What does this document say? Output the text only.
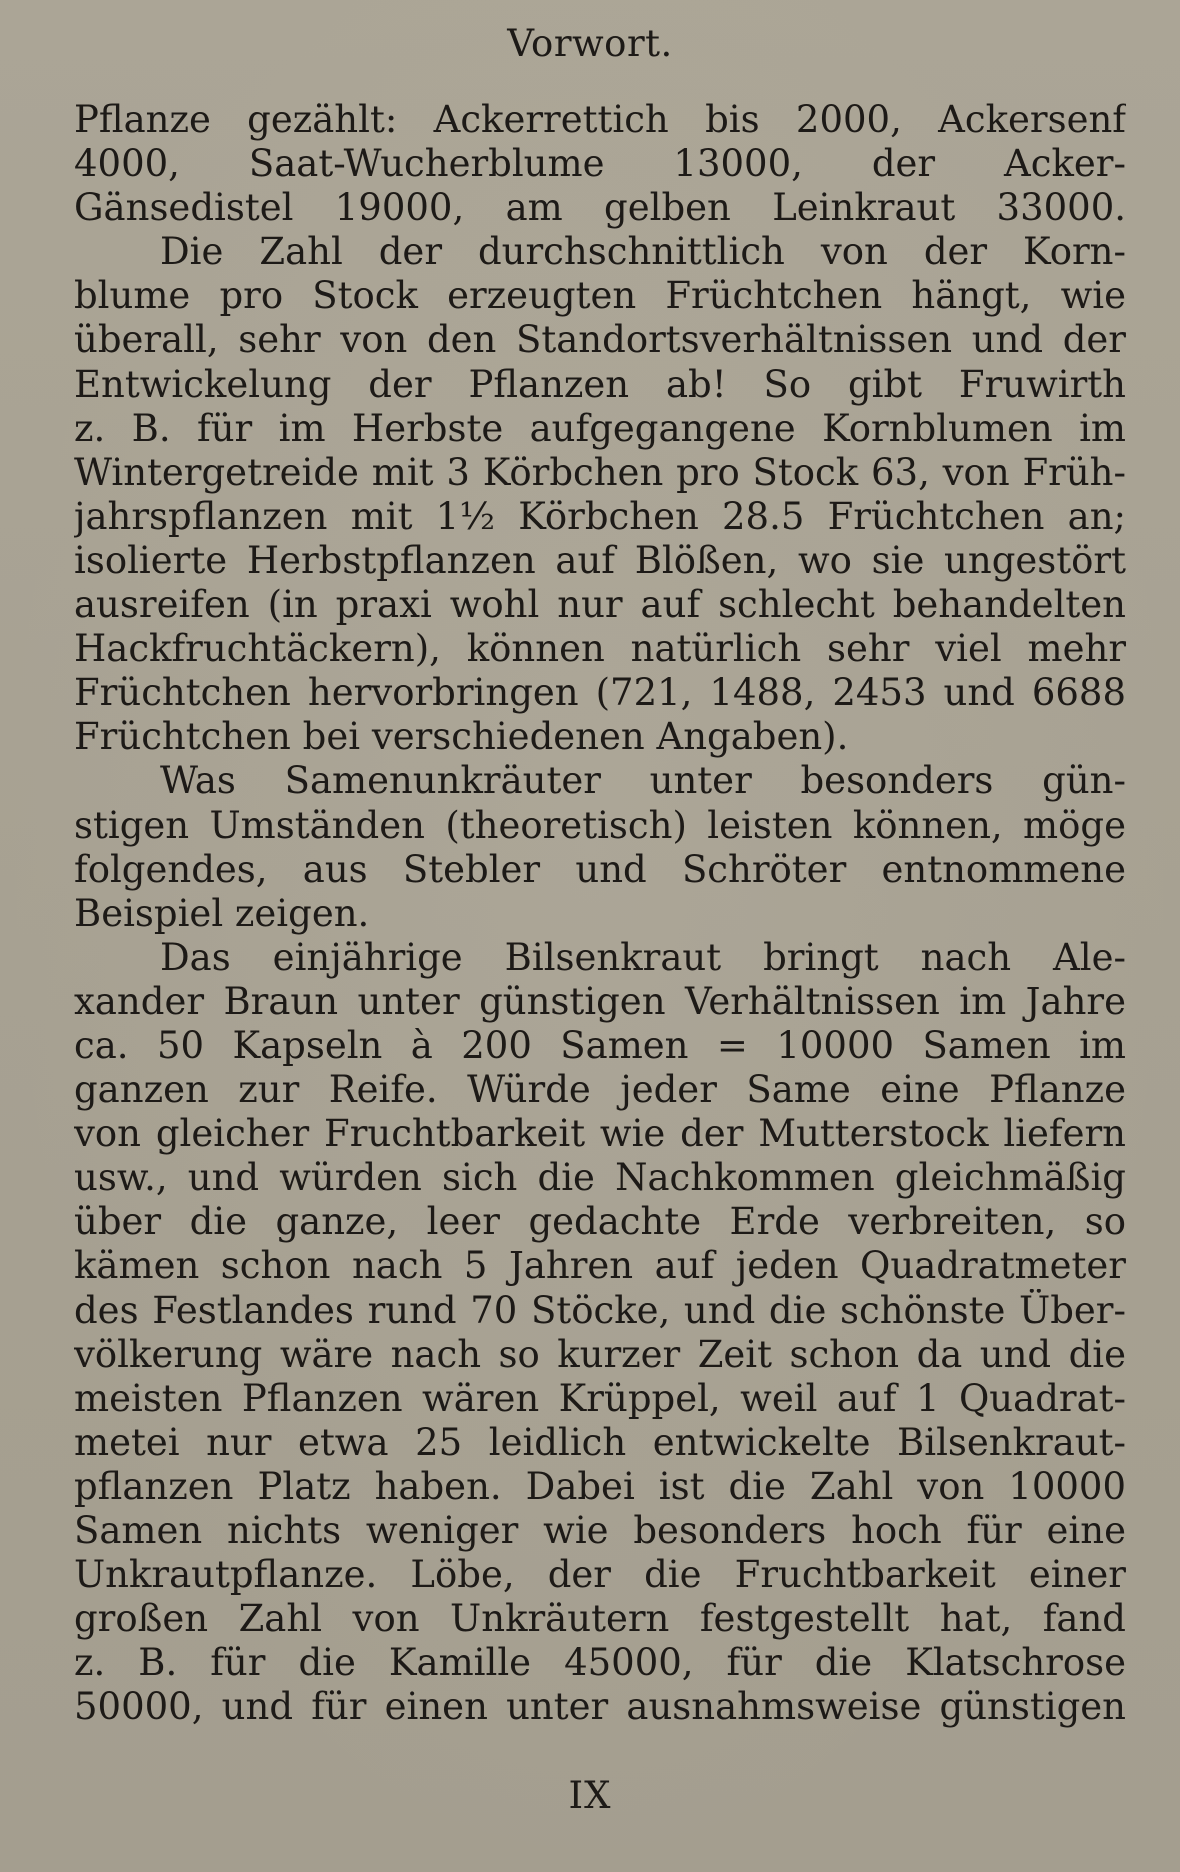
Vorwort.
Pflanze gezählt: Ackerrettich bis 2000, Ackersenf
4000, Saat-Wucherblume 13000, der Acker-
Gänsedistel 19000, am gelben Leinkraut 33000.
Die Zahl der durchschnittlich von der Korn-
blume pro Stock erzeugten Früchtchen hängt, wie
überall, sehr von den Standortsverhältnissen und der
Entwickelung der Pflanzen ab! So gibt Fruwirth
z. B. für im Herbste aufgegangene Kornblumen im
Wintergetreide mit 3 Körbchen pro Stock 63, von Früh-
jahrspflanzen mit 1½ Körbchen 28.5 Früchtchen an;
isolierte Herbstpflanzen auf Blößen, wo sie ungestört
ausreifen (in praxi wohl nur auf schlecht behandelten
Hackfruchtäckern), können natürlich sehr viel mehr
Früchtchen hervorbringen (721, 1488, 2453 und 6688
Früchtchen bei verschiedenen Angaben).
Was Samenunkräuter unter besonders gün-
stigen Umständen (theoretisch) leisten können, möge
folgendes, aus Stebler und Schröter entnommene
Beispiel zeigen.
Das einjährige Bilsenkraut bringt nach Ale-
xander Braun unter günstigen Verhältnissen im Jahre
ca. 50 Kapseln à 200 Samen = 10000 Samen im
ganzen zur Reife. Würde jeder Same eine Pflanze
von gleicher Fruchtbarkeit wie der Mutterstock liefern
usw., und würden sich die Nachkommen gleichmäßig
über die ganze, leer gedachte Erde verbreiten, so
kämen schon nach 5 Jahren auf jeden Quadratmeter
des Festlandes rund 70 Stöcke, und die schönste Über-
völkerung wäre nach so kurzer Zeit schon da und die
meisten Pflanzen wären Krüppel, weil auf 1 Quadrat-
metei nur etwa 25 leidlich entwickelte Bilsenkraut-
pflanzen Platz haben. Dabei ist die Zahl von 10000
Samen nichts weniger wie besonders hoch für eine
Unkrautpflanze. Löbe, der die Fruchtbarkeit einer
großen Zahl von Unkräutern festgestellt hat, fand
z. B. für die Kamille 45000, für die Klatschrose
50000, und für einen unter ausnahmsweise günstigen
IX
